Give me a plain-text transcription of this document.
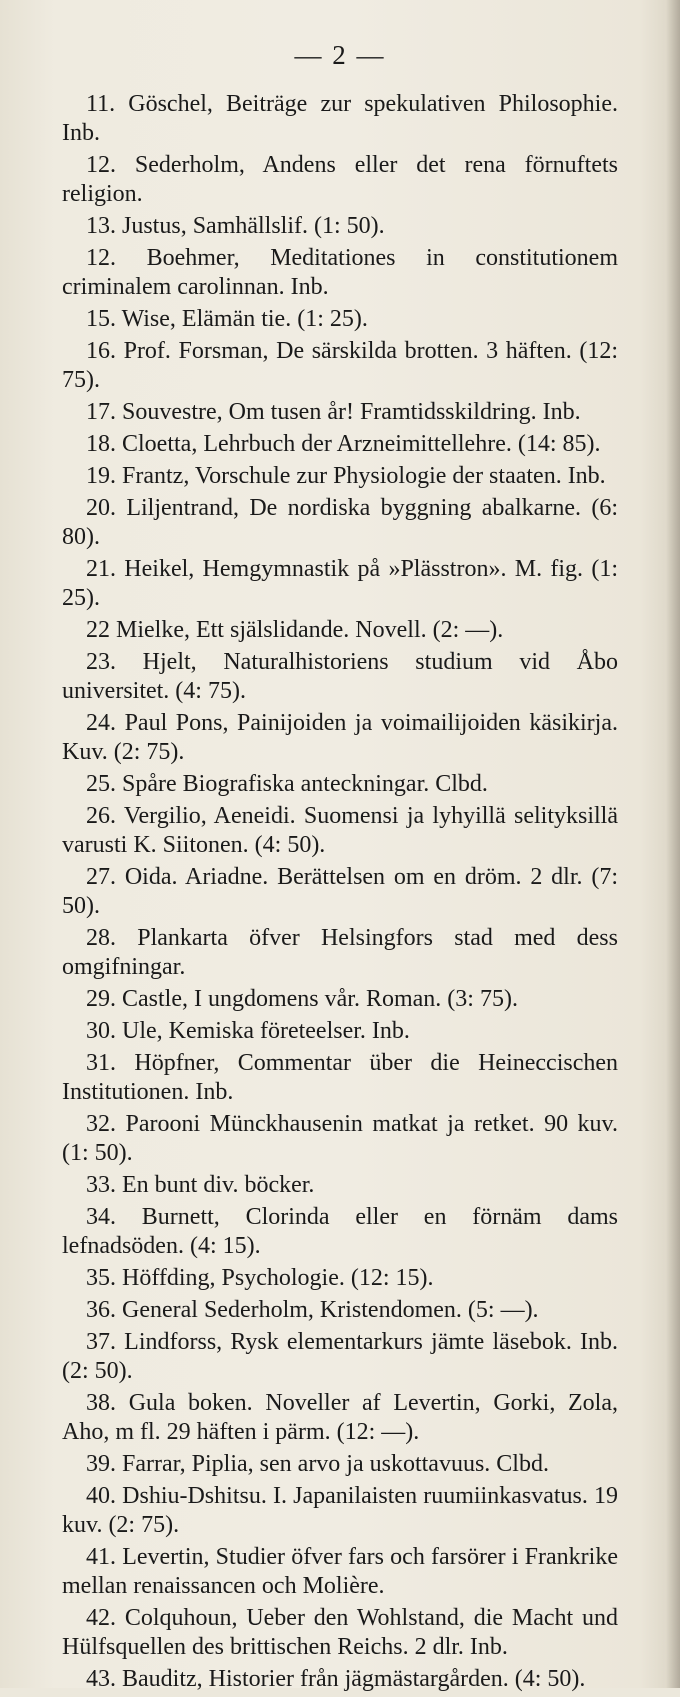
— 2 —

11. Göschel, Beiträge zur spekulativen Philosophie. Inb.

12. Sederholm, Andens eller det rena förnuftets religion.

13. Justus, Samhällslif. (1: 50).

12. Boehmer, Meditationes in constitutionem criminalem carolinnan. Inb.

15. Wise, Elämän tie. (1: 25).

16. Prof. Forsman, De särskilda brotten. 3 häften. (12: 75).

17. Souvestre, Om tusen år! Framtidsskildring. Inb.

18. Cloetta, Lehrbuch der Arzneimittellehre. (14: 85).

19. Frantz, Vorschule zur Physiologie der staaten. Inb.

20. Liljentrand, De nordiska byggning abalkarne. (6: 80).

21. Heikel, Hemgymnastik på »Plässtron». M. fig. (1: 25).

22 Mielke, Ett själslidande. Novell. (2: —).

23. Hjelt, Naturalhistoriens studium vid Åbo universitet. (4: 75).

24. Paul Pons, Painijoiden ja voimailijoiden käsikirja. Kuv. (2: 75).

25. Spåre Biografiska anteckningar. Clbd.

26. Vergilio, Aeneidi. Suomensi ja lyhyillä selityksillä varusti K. Siitonen. (4: 50).

27. Oida. Ariadne. Berättelsen om en dröm. 2 dlr. (7: 50).

28. Plankarta öfver Helsingfors stad med dess omgifningar.

29. Castle, I ungdomens vår. Roman. (3: 75).

30. Ule, Kemiska företeelser. Inb.

31. Höpfner, Commentar über die Heineccischen Institutionen. Inb.

32. Parooni Münckhausenin matkat ja retket. 90 kuv. (1: 50).

33. En bunt div. böcker.

34. Burnett, Clorinda eller en förnäm dams lefnadsöden. (4: 15).

35. Höffding, Psychologie. (12: 15).

36. General Sederholm, Kristendomen. (5: —).

37. Lindforss, Rysk elementarkurs jämte läsebok. Inb. (2: 50).

38. Gula boken. Noveller af Levertin, Gorki, Zola, Aho, m fl. 29 häften i pärm. (12: —).

39. Farrar, Piplia, sen arvo ja uskottavuus. Clbd.

40. Dshiu-Dshitsu. I. Japanilaisten ruumiinkasvatus. 19 kuv. (2: 75).

41. Levertin, Studier öfver fars och farsörer i Frankrike mellan renaissancen och Molière.

42. Colquhoun, Ueber den Wohlstand, die Macht und Hülfsquellen des brittischen Reichs. 2 dlr. Inb.

43. Bauditz, Historier från jägmästargården. (4: 50).
